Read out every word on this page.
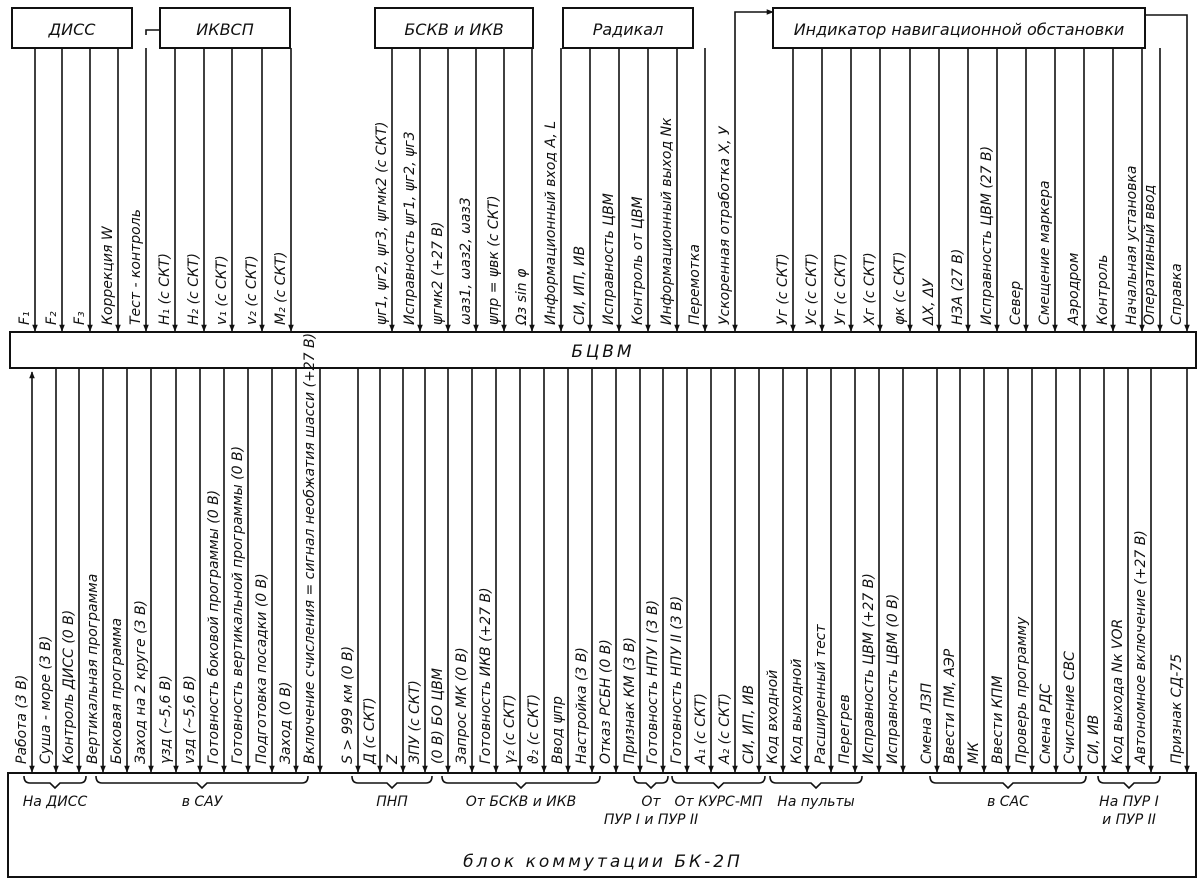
ДИСС	ИКВСП	БСКВ и ИКВ	Радикал	Индикатор навигационной обстановки
БЦВМ
блок коммутации БК-2П
F₁ F₂ F₃ Коррекция W Тест - контроль H₁ (с СКТ) H₂ (с СКТ) v₁ (с СКТ) v₂ (с СКТ) M₂ (с СКТ)	ψг1, ψг2, ψг3, ψгмк2 (с СКТ) Исправность ψг1, ψг2, ψг3 ψгмк2 (+27 В) ωаз1, ωаз2, ωаз3 ψпр = ψвк (с СКТ) Ωз sin φ Информационный вход A, L СИ, ИП, ИВ Исправность ЦВМ Контроль от ЦВМ Информационный выход Nк Перемотка Ускоренная отработка X, У	Уг (с СКТ) Ус (с СКТ) Уг (с СКТ) Хг (с СКТ) φк (с СКТ) ΔХ, ΔУ НЗА (27 В) Исправность ЦВМ (27 В) Север Смещение маркера Аэродром Контроль Начальная установка Оперативный ввод Справка
Работа (3 В) Суша - море (3 В) Контроль ДИСС (0 В) Вертикальная программа Боковая программа Заход на 2 круге (3 В) γзд (~5,6 В) vзд (~5,6 В) Готовность боковой программы (0 В) Готовность вертикальной программы (0 В) Подготовка посадки (0 В) Заход (0 В) Включение счисления = сигнал необжатия шасси (+27 В) S > 999 км (0 В) Д (с СКТ) Z ЗПУ (с СКТ) (0 В) БО ЦВМ Запрос МК (0 В) Готовность ИКВ (+27 В) γ₂ (с СКТ) ϑ₂ (с СКТ) Ввод ψпр Настройка (3 В) Отказ РСБН (0 В) Признак КМ (3 В) Готовность НПУ I (3 В) Готовность НПУ II (3 В) A₁ (с СКТ) A₂ (с СКТ) СИ, ИП, ИВ Код входной Код выходной Расширенный тест Перегрев Исправность ЦВМ (+27 В) Исправность ЦВМ (0 В) Смена ЛЗП Ввести ПМ, АЭР МК Ввести КПМ Проверь программу Смена РДС Счисление СВС СИ, ИВ Код выхода Nк VOR Автономное включение (+27 В) Признак СД-75
На ДИСС	в САУ	ПНП	От БСКВ и ИКВ	От
ПУР I и ПУР II
От КУРС-МП На пульты	в САС	На ПУР I
и ПУР II
